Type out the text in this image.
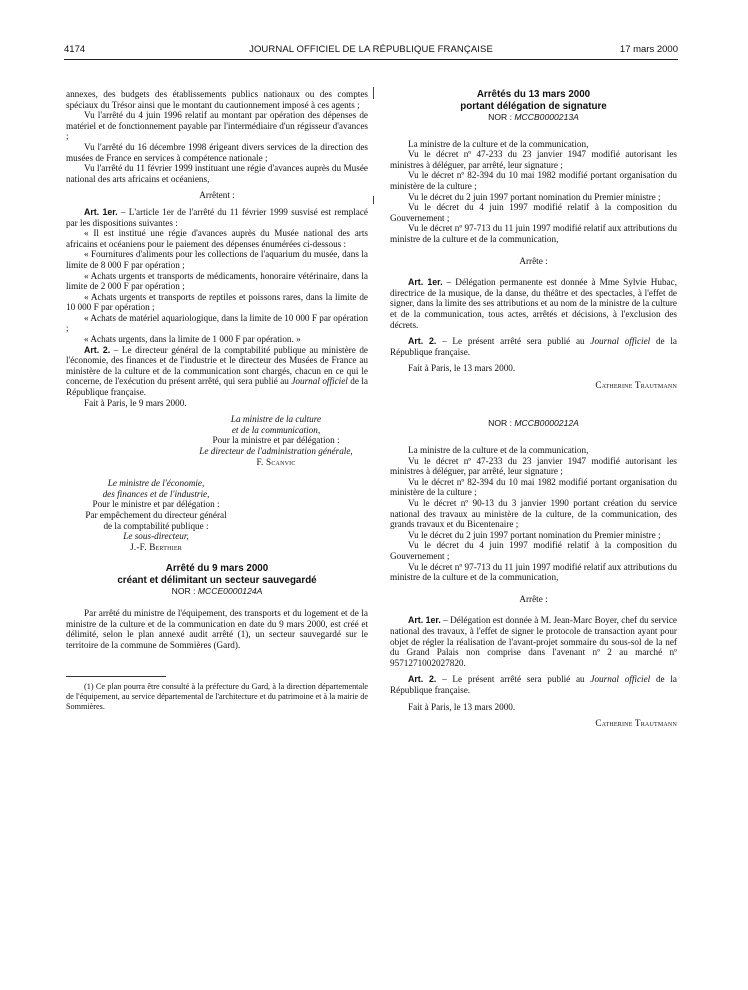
4174	JOURNAL OFFICIEL DE LA RÉPUBLIQUE FRANÇAISE	17 mars 2000

annexes, des budgets des établissements publics nationaux ou des comptes spéciaux du Trésor ainsi que le montant du cautionnement imposé à ces agents ;

Vu l'arrêté du 4 juin 1996 relatif au montant par opération des dépenses de matériel et de fonctionnement payable par l'intermédiaire d'un régisseur d'avances ;

Vu l'arrêté du 16 décembre 1998 érigeant divers services de la direction des musées de France en services à compétence nationale ;

Vu l'arrêté du 11 février 1999 instituant une régie d'avances auprès du Musée national des arts africains et océaniens,

Arrêtent :

Art. 1er. – L'article 1er de l'arrêté du 11 février 1999 susvisé est remplacé par les dispositions suivantes :

« Il est institué une régie d'avances auprès du Musée national des arts africains et océaniens pour le paiement des dépenses énumérées ci-dessous :

« Fournitures d'aliments pour les collections de l'aquarium du musée, dans la limite de 8 000 F par opération ;

« Achats urgents et transports de médicaments, honoraire vétérinaire, dans la limite de 2 000 F par opération ;

« Achats urgents et transports de reptiles et poissons rares, dans la limite de 10 000 F par opération ;

« Achats de matériel aquariologique, dans la limite de 10 000 F par opération ;

« Achats urgents, dans la limite de 1 000 F par opération. »

Art. 2. – Le directeur général de la comptabilité publique au ministère de l'économie, des finances et de l'industrie et le directeur des Musées de France au ministère de la culture et de la communication sont chargés, chacun en ce qui le concerne, de l'exécution du présent arrêté, qui sera publié au Journal officiel de la République française.

Fait à Paris, le 9 mars 2000.

La ministre de la culture

et de la communication,

Pour la ministre et par délégation :

Le directeur de l'administration générale,

F. Scanvic

Le ministre de l'économie,

des finances et de l'industrie,

Pour le ministre et par délégation :

Par empêchement du directeur général

de la comptabilité publique :

Le sous-directeur,

J.-F. Berthier

Arrêté du 9 mars 2000

créant et délimitant un secteur sauvegardé

NOR : MCCE0000124A

Par arrêté du ministre de l'équipement, des transports et du logement et de la ministre de la culture et de la communication en date du 9 mars 2000, est créé et délimité, selon le plan annexé audit arrêté (1), un secteur sauvegardé sur le territoire de la commune de Sommières (Gard).

(1) Ce plan pourra être consulté à la préfecture du Gard, à la direction départementale de l'équipement, au service départemental de l'architecture et du patrimoine et à la mairie de Sommières.

Arrêtés du 13 mars 2000

portant délégation de signature

NOR : MCCB0000213A

La ministre de la culture et de la communication,

Vu le décret nº 47-233 du 23 janvier 1947 modifié autorisant les ministres à déléguer, par arrêté, leur signature ;

Vu le décret nº 82-394 du 10 mai 1982 modifié portant organisation du ministère de la culture ;

Vu le décret du 2 juin 1997 portant nomination du Premier ministre ;

Vu le décret du 4 juin 1997 modifié relatif à la composition du Gouvernement ;

Vu le décret nº 97-713 du 11 juin 1997 modifié relatif aux attributions du ministre de la culture et de la communication,

Arrête :

Art. 1er. – Délégation permanente est donnée à Mme Sylvie Hubac, directrice de la musique, de la danse, du théâtre et des spectacles, à l'effet de signer, dans la limite des ses attributions et au nom de la ministre de la culture et de la communication, tous actes, arrêtés et décisions, à l'exclusion des décrets.

Art. 2. – Le présent arrêté sera publié au Journal officiel de la République française.

Fait à Paris, le 13 mars 2000.

Catherine Trautmann

NOR : MCCB0000212A

La ministre de la culture et de la communication,

Vu le décret nº 47-233 du 23 janvier 1947 modifié autorisant les ministres à déléguer, par arrêté, leur signature ;

Vu le décret nº 82-394 du 10 mai 1982 modifié portant organisation du ministère de la culture ;

Vu le décret nº 90-13 du 3 janvier 1990 portant création du service national des travaux au ministère de la culture, de la communication, des grands travaux et du Bicentenaire ;

Vu le décret du 2 juin 1997 portant nomination du Premier ministre ;

Vu le décret du 4 juin 1997 modifié relatif à la composition du Gouvernement ;

Vu le décret nº 97-713 du 11 juin 1997 modifié relatif aux attributions du ministre de la culture et de la communication,

Arrête :

Art. 1er. – Délégation est donnée à M. Jean-Marc Boyer, chef du service national des travaux, à l'effet de signer le protocole de transaction ayant pour objet de régler la réalisation de l'avant-projet sommaire du sous-sol de la nef du Grand Palais non comprise dans l'avenant nº 2 au marché nº 9571271002027820.

Art. 2. – Le présent arrêté sera publié au Journal officiel de la République française.

Fait à Paris, le 13 mars 2000.

Catherine Trautmann
